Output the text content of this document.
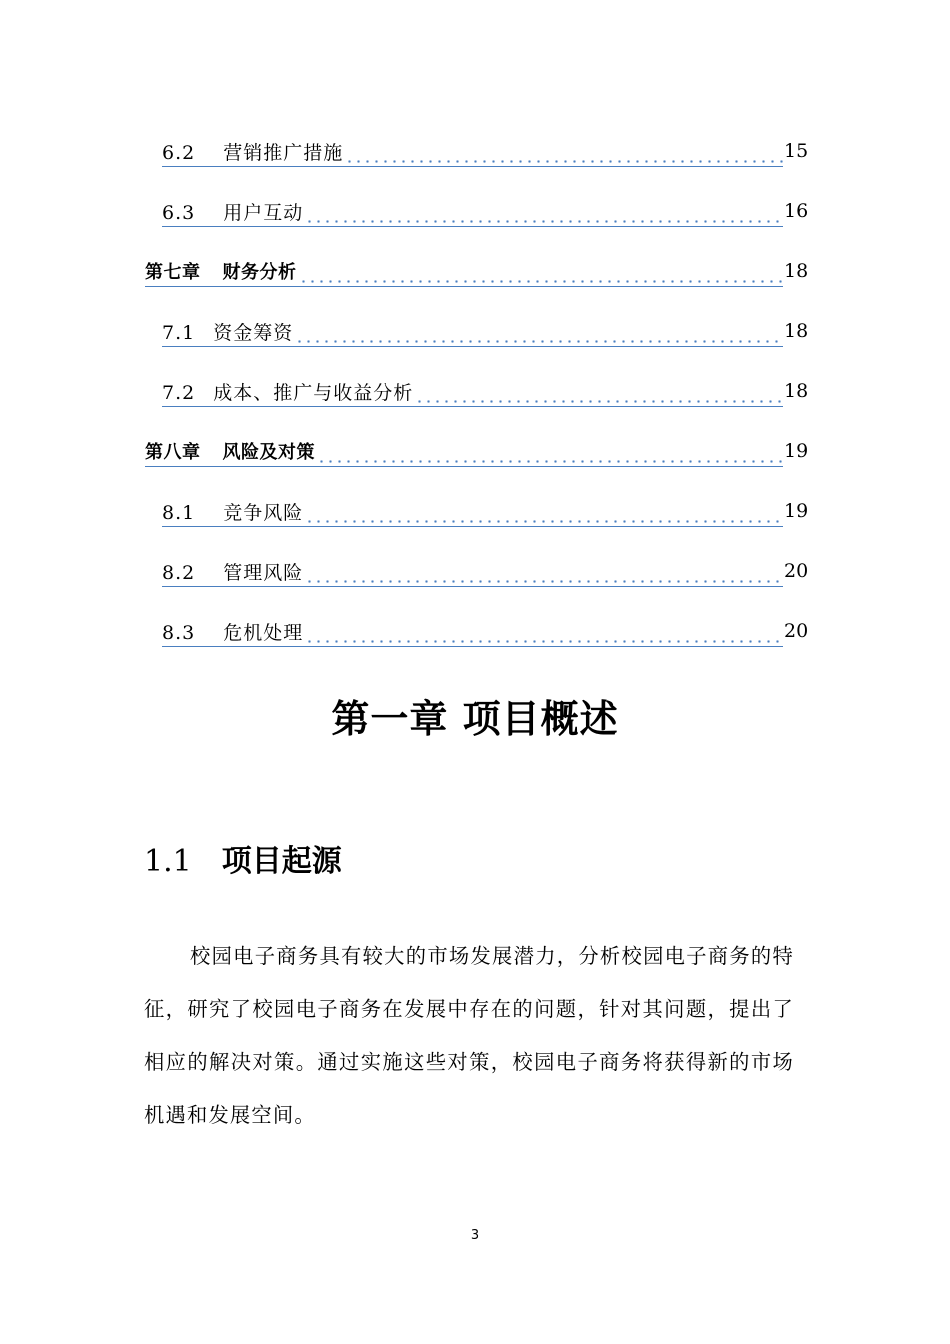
6.2 营销推广措施	15
6.3 用户互动	16
第七章 财务分析	18
7.1 资金筹资	18
7.2 成本、推广与收益分析	18
第八章 风险及对策	19
8.1 竞争风险	19
8.2 管理风险	20
8.3 危机处理	20
第一章 项目概述
1.1 项目起源

校园电子商务具有较大的市场发展潜力，分析校园电子商务的特征，研究了校园电子商务在发展中存在的问题，针对其问题，提出了相应的解决对策。通过实施这些对策，校园电子商务将获得新的市场机遇和发展空间。

3
